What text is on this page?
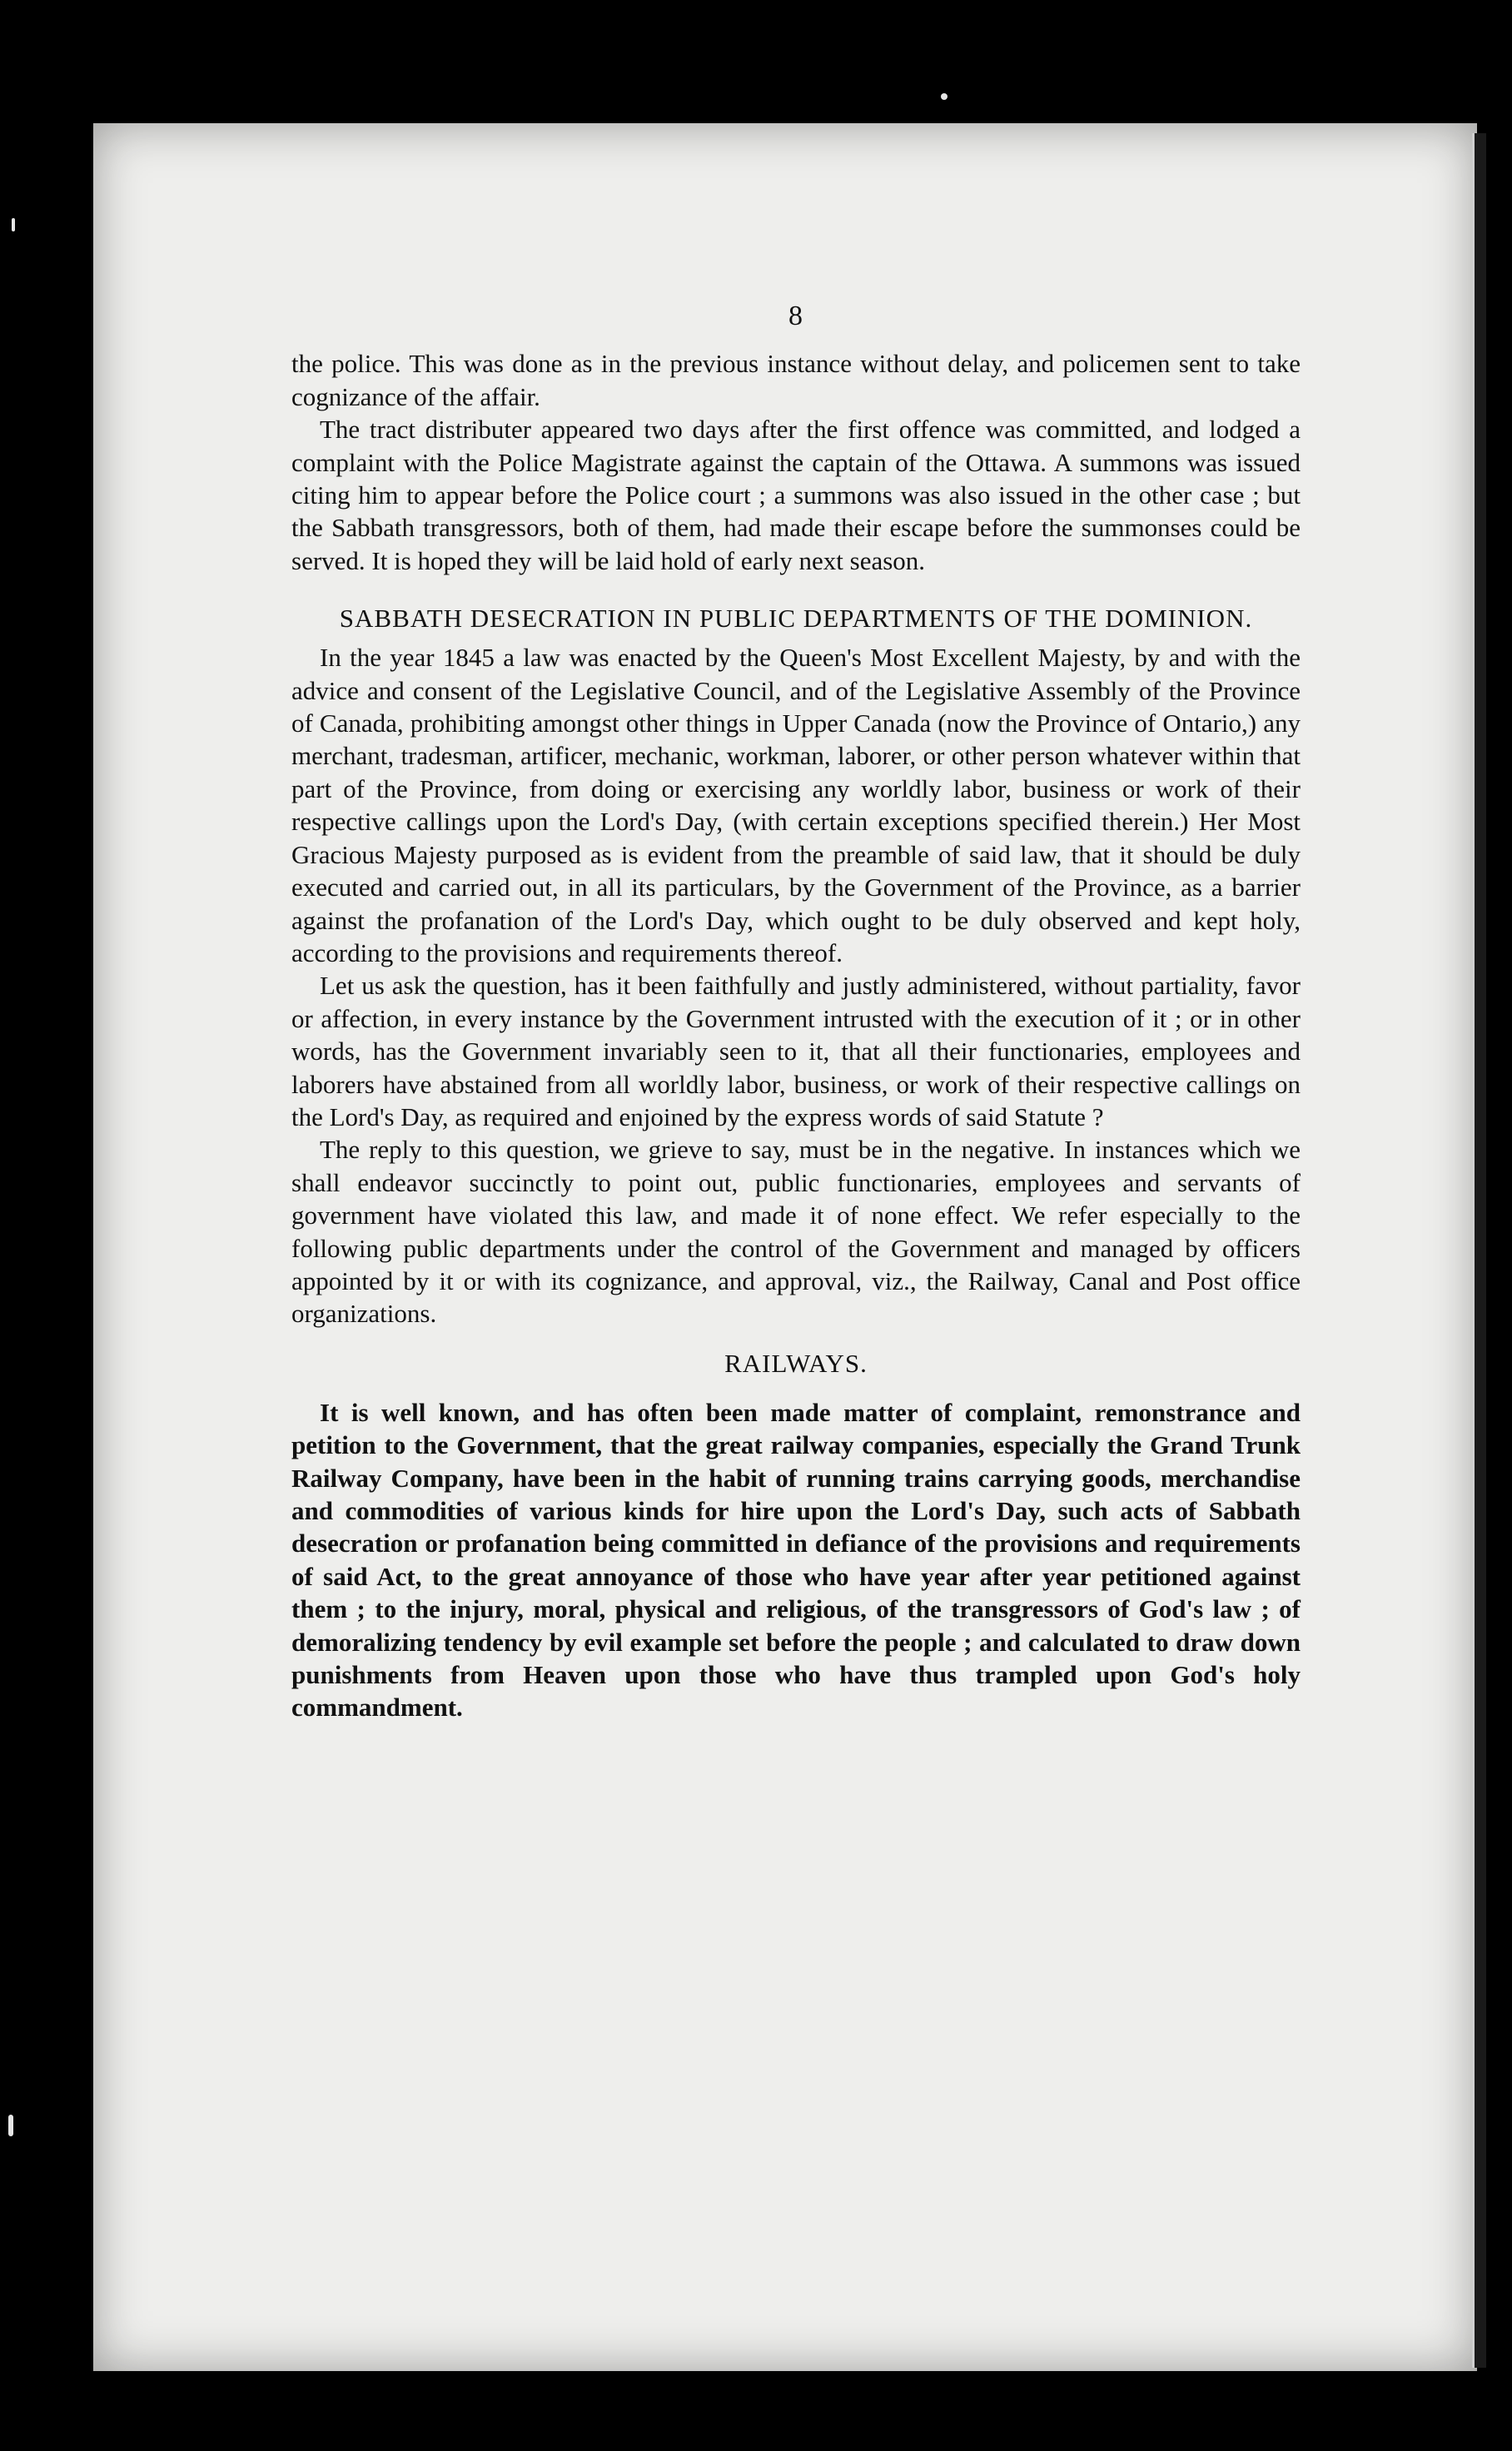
8

the police. This was done as in the previous instance without delay, and policemen sent to take cognizance of the affair.

The tract distributer appeared two days after the first offence was committed, and lodged a complaint with the Police Magistrate against the captain of the Ottawa. A summons was issued citing him to appear before the Police court ; a summons was also issued in the other case ; but the Sabbath transgressors, both of them, had made their escape before the summonses could be served. It is hoped they will be laid hold of early next season.

SABBATH DESECRATION IN PUBLIC DEPARTMENTS OF THE DOMINION.

In the year 1845 a law was enacted by the Queen's Most Excellent Majesty, by and with the advice and consent of the Legislative Council, and of the Legislative Assembly of the Province of Canada, prohibiting amongst other things in Upper Canada (now the Province of Ontario,) any merchant, tradesman, artificer, mechanic, workman, laborer, or other person whatever within that part of the Province, from doing or exercising any worldly labor, business or work of their respective callings upon the Lord's Day, (with certain exceptions specified therein.) Her Most Gracious Majesty purposed as is evident from the preamble of said law, that it should be duly executed and carried out, in all its particulars, by the Government of the Province, as a barrier against the profanation of the Lord's Day, which ought to be duly observed and kept holy, according to the provisions and requirements thereof.

Let us ask the question, has it been faithfully and justly administered, without partiality, favor or affection, in every instance by the Government intrusted with the execution of it ; or in other words, has the Government invariably seen to it, that all their functionaries, employees and laborers have abstained from all worldly labor, business, or work of their respective callings on the Lord's Day, as required and enjoined by the express words of said Statute ?

The reply to this question, we grieve to say, must be in the negative. In instances which we shall endeavor succinctly to point out, public functionaries, employees and servants of government have violated this law, and made it of none effect. We refer especially to the following public departments under the control of the Government and managed by officers appointed by it or with its cognizance, and approval, viz., the Railway, Canal and Post office organizations.

RAILWAYS.

It is well known, and has often been made matter of complaint, remonstrance and petition to the Government, that the great railway companies, especially the Grand Trunk Railway Company, have been in the habit of running trains carrying goods, merchandise and commodities of various kinds for hire upon the Lord's Day, such acts of Sabbath desecration or profanation being committed in defiance of the provisions and requirements of said Act, to the great annoyance of those who have year after year petitioned against them ; to the injury, moral, physical and religious, of the transgressors of God's law ; of demoralizing tendency by evil example set before the people ; and calculated to draw down punishments from Heaven upon those who have thus trampled upon God's holy commandment.
